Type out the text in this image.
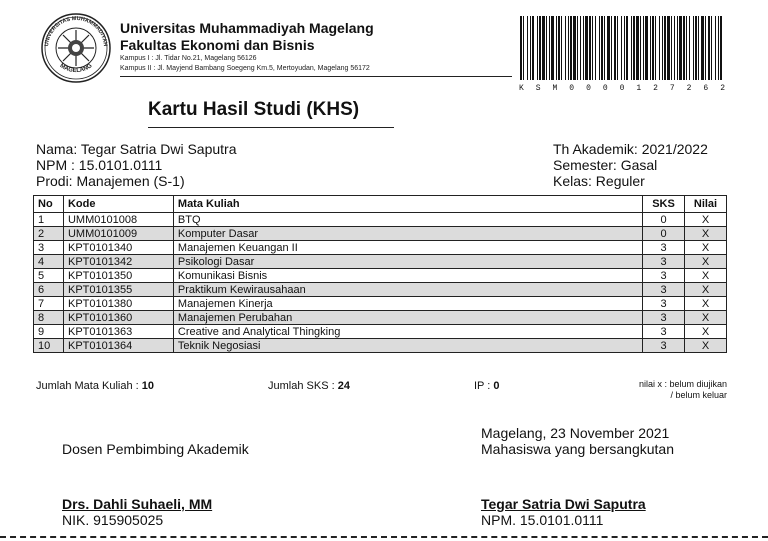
UNIVERSITAS MUHAMMADIYAH
MAGELANG
Universitas Muhammadiyah Magelang
Fakultas Ekonomi dan Bisnis
Kampus I : Jl. Tidar No.21, Magelang 56126
Kampus II : Jl. Mayjend Bambang Soegeng Km.5, Mertoyudan, Magelang 56172
K S M 0 0 0 0 1 2 7 2 6 2
Kartu Hasil Studi (KHS)
Nama: Tegar Satria Dwi Saputra
NPM : 15.0101.0111
Prodi: Manajemen (S-1)
Th Akademik: 2021/2022
Semester: Gasal
Kelas: Reguler
No	Kode	Mata Kuliah	SKS	Nilai
1	UMM0101008	BTQ	0	X
2	UMM0101009	Komputer Dasar	0	X
3	KPT0101340	Manajemen Keuangan II	3	X
4	KPT0101342	Psikologi Dasar	3	X
5	KPT0101350	Komunikasi Bisnis	3	X
6	KPT0101355	Praktikum Kewirausahaan	3	X
7	KPT0101380	Manajemen Kinerja	3	X
8	KPT0101360	Manajemen Perubahan	3	X
9	KPT0101363	Creative and Analytical Thingking	3	X
10	KPT0101364	Teknik Negosiasi	3	X
Jumlah Mata Kuliah : 10	Jumlah SKS : 24	IP : 0	nilai x : belum diujikan
/ belum keluar
Magelang, 23 November 2021
Mahasiswa yang bersangkutan
Dosen Pembimbing Akademik
Drs. Dahli Suhaeli, MM
NIK. 915905025
Tegar Satria Dwi Saputra
NPM. 15.0101.0111
